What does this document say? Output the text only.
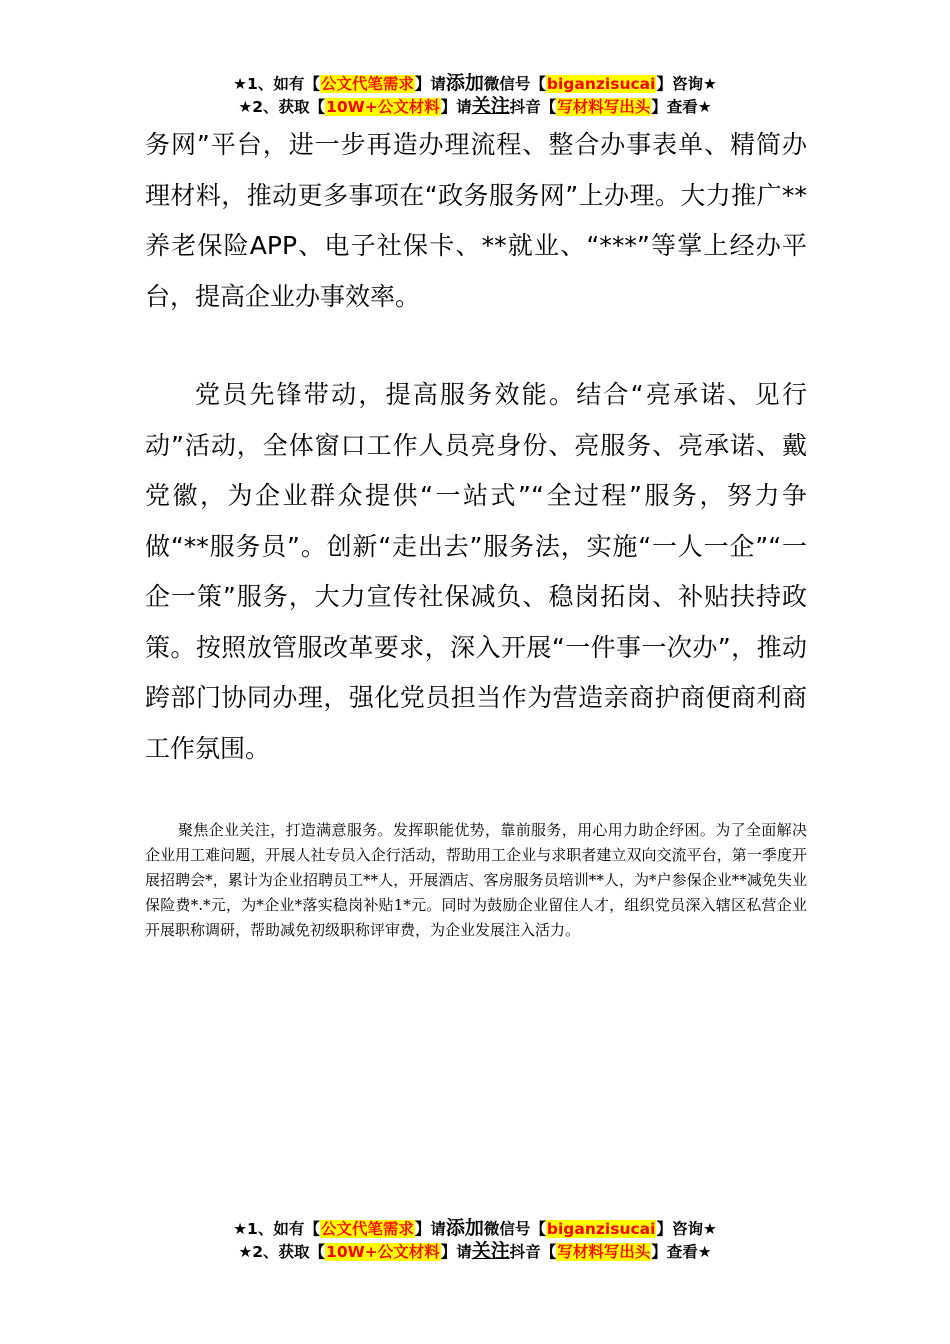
★1、如有【公文代笔需求】请添加微信号【biganzisucai】咨询★
★2、获取【10W+公文材料】请关注抖音【写材料写出头】查看★

务网”平台，进一步再造办理流程、整合办事表单、精简办理材料，推动更多事项在“政务服务网”上办理。大力推广**养老保险APP、电子社保卡、**就业、“***”等掌上经办平台，提高企业办事效率。

党员先锋带动，提高服务效能。结合“亮承诺、见行动”活动，全体窗口工作人员亮身份、亮服务、亮承诺、戴党徽，为企业群众提供“一站式”“全过程”服务，努力争做“**服务员”。创新“走出去”服务法，实施“一人一企”“一企一策”服务，大力宣传社保减负、稳岗拓岗、补贴扶持政策。按照放管服改革要求，深入开展“一件事一次办”，推动跨部门协同办理，强化党员担当作为营造亲商护商便商利商工作氛围。

聚焦企业关注，打造满意服务。发挥职能优势，靠前服务，用心用力助企纾困。为了全面解决企业用工难问题，开展人社专员入企行活动，帮助用工企业与求职者建立双向交流平台，第一季度开展招聘会*，累计为企业招聘员工**人，开展酒店、客房服务员培训**人，为*户参保企业**减免失业保险费*.*元，为*企业*落实稳岗补贴1*元。同时为鼓励企业留住人才，组织党员深入辖区私营企业开展职称调研，帮助减免初级职称评审费，为企业发展注入活力。

★1、如有【公文代笔需求】请添加微信号【biganzisucai】咨询★
★2、获取【10W+公文材料】请关注抖音【写材料写出头】查看★
